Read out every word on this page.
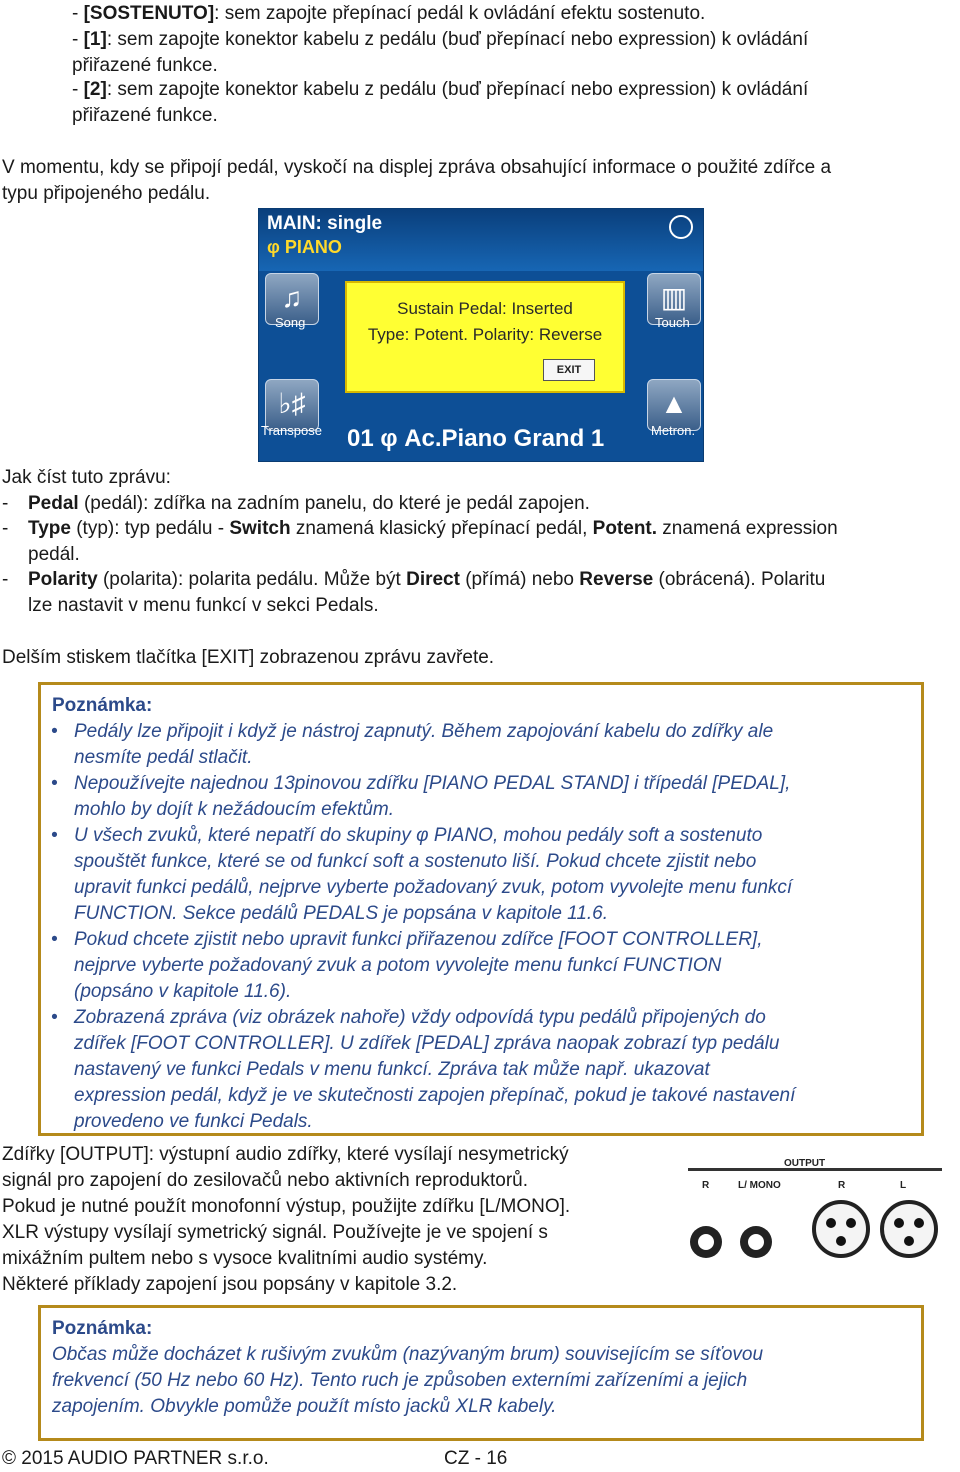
- [SOSTENUTO]: sem zapojte přepínací pedál k ovládání efektu sostenuto.
- [1]: sem zapojte konektor kabelu z pedálu (buď přepínací nebo expression) k ovládání
přiřazené funkce.
- [2]: sem zapojte konektor kabelu z pedálu (buď přepínací nebo expression) k ovládání
přiřazené funkce.
V momentu, kdy se připojí pedál, vyskočí na displej zpráva obsahující informace o použité zdířce a
typu připojeného pedálu.
MAIN: single
φ PIANO
♫
Song
▥
Touch
♭♯
Transpose
▲
Metron.
Sustain Pedal: Inserted
Type: Potent. Polarity: Reverse
EXIT
01 φ Ac.Piano Grand 1
Jak číst tuto zprávu:
-	Pedal (pedál): zdířka na zadním panelu, do které je pedál zapojen.
-	Type (typ): typ pedálu - Switch znamená klasický přepínací pedál, Potent. znamená expression
pedál.
-	Polarity (polarita): polarita pedálu. Může být Direct (přímá) nebo Reverse (obrácená). Polaritu
lze nastavit v menu funkcí v sekci Pedals.
Delším stiskem tlačítka [EXIT] zobrazenou zprávu zavřete.
Poznámka:
• Pedály lze připojit i když je nástroj zapnutý. Během zapojování kabelu do zdířky ale
nesmíte pedál stlačit.
• Nepoužívejte najednou 13pinovou zdířku [PIANO PEDAL STAND] i třípedál [PEDAL],
mohlo by dojít k nežádoucím efektům.
• U všech zvuků, které nepatří do skupiny φ PIANO, mohou pedály soft a sostenuto
spouštět funkce, které se od funkcí soft a sostenuto liší. Pokud chcete zjistit nebo
upravit funkci pedálů, nejprve vyberte požadovaný zvuk, potom vyvolejte menu funkcí
FUNCTION. Sekce pedálů PEDALS je popsána v kapitole 11.6.
• Pokud chcete zjistit nebo upravit funkci přiřazenou zdířce [FOOT CONTROLLER],
nejprve vyberte požadovaný zvuk a potom vyvolejte menu funkcí FUNCTION
(popsáno v kapitole 11.6).
• Zobrazená zpráva (viz obrázek nahoře) vždy odpovídá typu pedálů připojených do
zdířek [FOOT CONTROLLER]. U zdířek [PEDAL] zpráva naopak zobrazí typ pedálu
nastavený ve funkci Pedals v menu funkcí. Zpráva tak může např. ukazovat
expression pedál, když je ve skutečnosti zapojen přepínač, pokud je takové nastavení
provedeno ve funkci Pedals.
Zdířky [OUTPUT]: výstupní audio zdířky, které vysílají nesymetrický
signál pro zapojení do zesilovačů nebo aktivních reproduktorů.
Pokud je nutné použít monofonní výstup, použijte zdířku [L/MONO].
XLR výstupy vysílají symetrický signál. Používejte je ve spojení s
mixážním pultem nebo s vysoce kvalitními audio systémy.
Některé příklady zapojení jsou popsány v kapitole 3.2.
OUTPUT
R	L/ MONO	R	L
Poznámka:
Občas může docházet k rušivým zvukům (nazývaným brum) souvisejícím se síťovou
frekvencí (50 Hz nebo 60 Hz). Tento ruch je způsoben externími zařízeními a jejich
zapojením. Obvykle pomůže použít místo jacků XLR kabely.
© 2015 AUDIO PARTNER s.r.o.	CZ - 16
